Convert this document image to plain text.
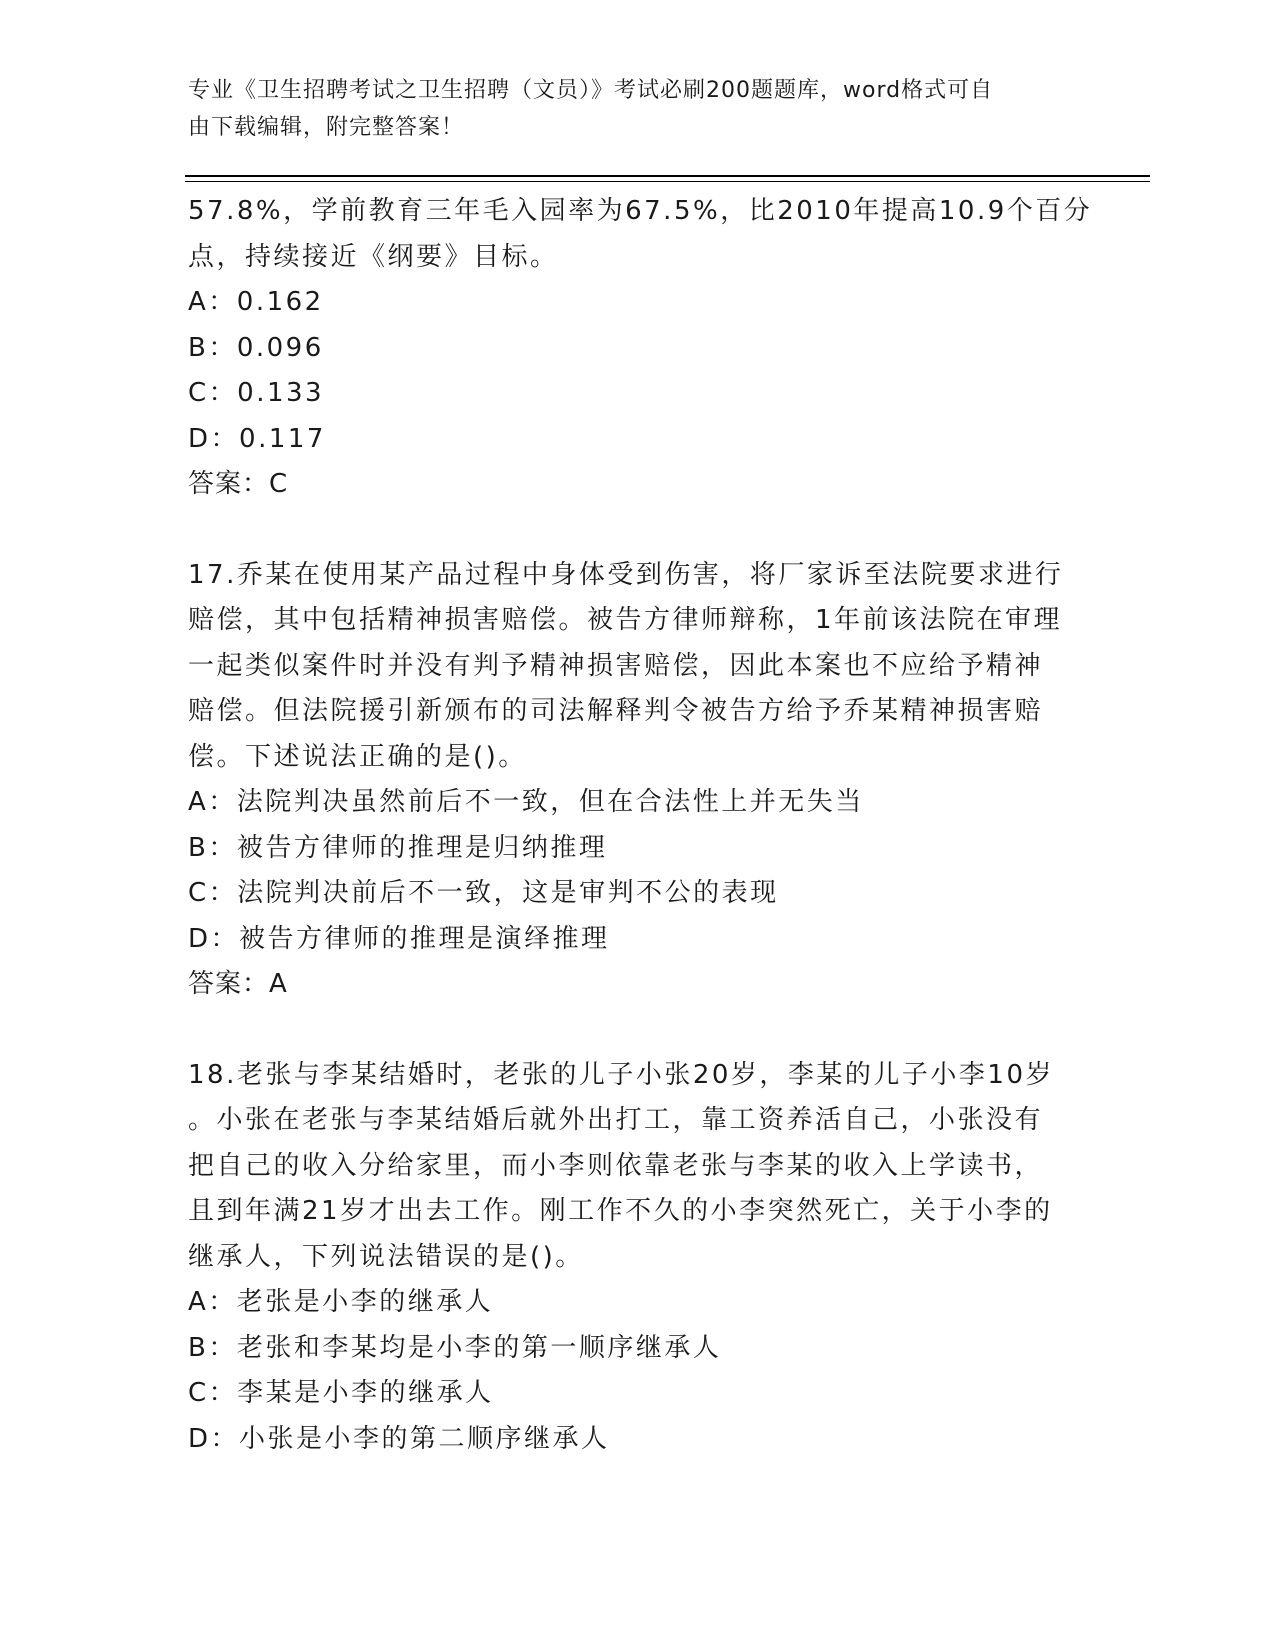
专业《卫生招聘考试之卫生招聘（文员）》考试必刷200题题库，word格式可自
由下载编辑，附完整答案！
57.8%，学前教育三年毛入园率为67.5%，比2010年提高10.9个百分
点，持续接近《纲要》目标。
A：0.162
B：0.096
C：0.133
D：0.117
答案：C
17.乔某在使用某产品过程中身体受到伤害，将厂家诉至法院要求进行
赔偿，其中包括精神损害赔偿。被告方律师辩称，1年前该法院在审理
一起类似案件时并没有判予精神损害赔偿，因此本案也不应给予精神
赔偿。但法院援引新颁布的司法解释判令被告方给予乔某精神损害赔
偿。下述说法正确的是()。
A：法院判决虽然前后不一致，但在合法性上并无失当
B：被告方律师的推理是归纳推理
C：法院判决前后不一致，这是审判不公的表现
D：被告方律师的推理是演绎推理
答案：A
18.老张与李某结婚时，老张的儿子小张20岁，李某的儿子小李10岁
。小张在老张与李某结婚后就外出打工，靠工资养活自己，小张没有
把自己的收入分给家里，而小李则依靠老张与李某的收入上学读书，
且到年满21岁才出去工作。刚工作不久的小李突然死亡，关于小李的
继承人，下列说法错误的是()。
A：老张是小李的继承人
B：老张和李某均是小李的第一顺序继承人
C：李某是小李的继承人
D：小张是小李的第二顺序继承人
